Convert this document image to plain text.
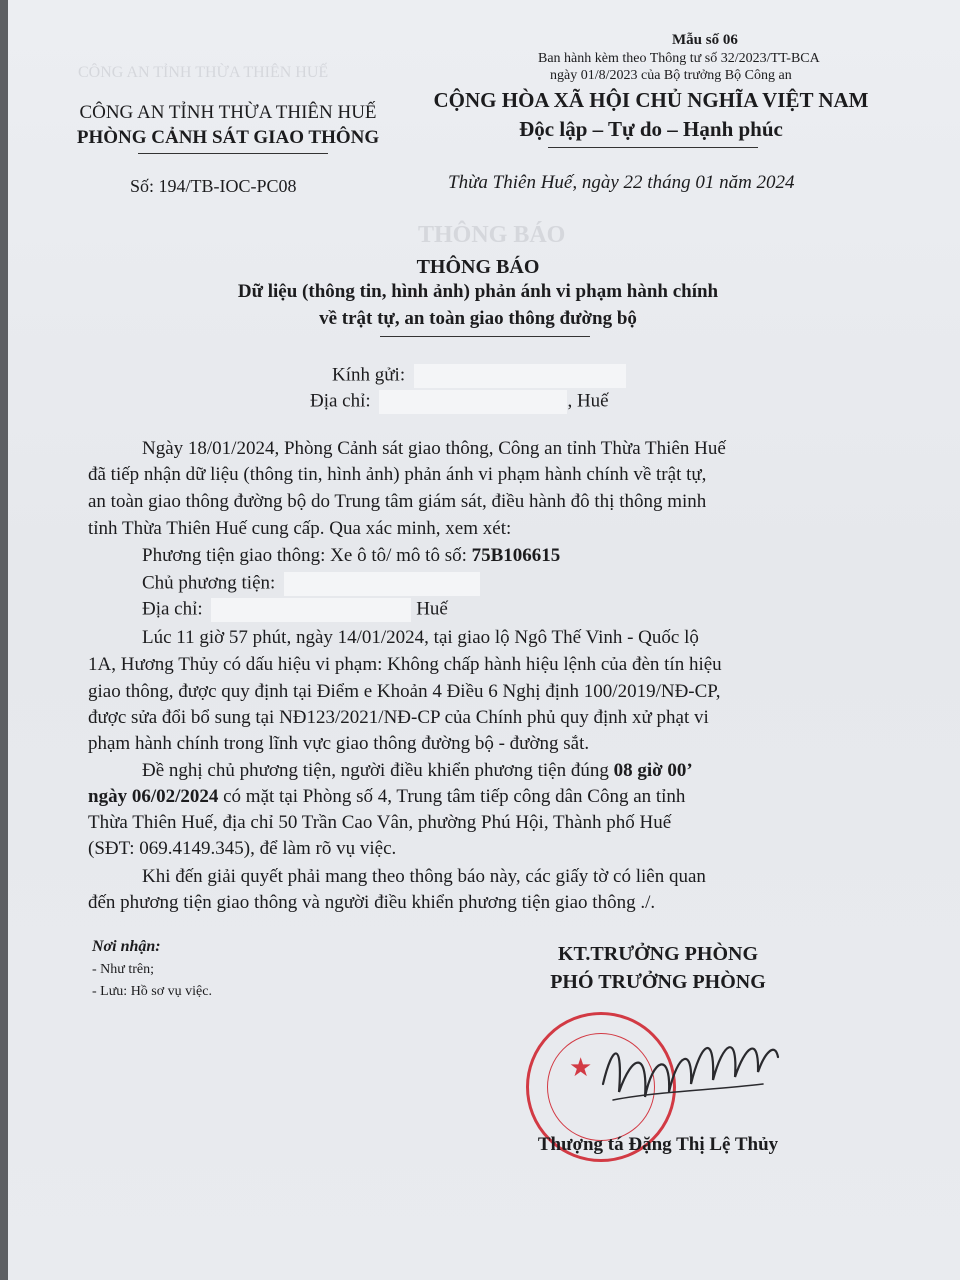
THÔNG BÁO
CÔNG AN TỈNH THỪA THIÊN HUẾ
Mẫu số 06
Ban hành kèm theo Thông tư số 32/2023/TT-BCA
ngày 01/8/2023 của Bộ trưởng Bộ Công an
CÔNG AN TỈNH THỪA THIÊN HUẾ
PHÒNG CẢNH SÁT GIAO THÔNG
Số: 194/TB-IOC-PC08
CỘNG HÒA XÃ HỘI CHỦ NGHĨA VIỆT NAM
Độc lập – Tự do – Hạnh phúc
Thừa Thiên Huế, ngày 22 tháng 01 năm 2024
THÔNG BÁO
Dữ liệu (thông tin, hình ảnh) phản ánh vi phạm hành chính
về trật tự, an toàn giao thông đường bộ
Kính gửi:
Địa chỉ:	, Huế
Ngày 18/01/2024, Phòng Cảnh sát giao thông, Công an tỉnh Thừa Thiên Huế
đã tiếp nhận dữ liệu (thông tin, hình ảnh) phản ánh vi phạm hành chính về trật tự,
an toàn giao thông đường bộ do Trung tâm giám sát, điều hành đô thị thông minh
tỉnh Thừa Thiên Huế cung cấp. Qua xác minh, xem xét:
Phương tiện giao thông: Xe ô tô/ mô tô số: 75B106615
Chủ phương tiện:
Địa chỉ:	Huế
Lúc 11 giờ 57 phút, ngày 14/01/2024, tại giao lộ Ngô Thế Vinh - Quốc lộ
1A, Hương Thủy có dấu hiệu vi phạm: Không chấp hành hiệu lệnh của đèn tín hiệu
giao thông, được quy định tại Điểm e Khoản 4 Điều 6 Nghị định 100/2019/NĐ-CP,
được sửa đổi bổ sung tại NĐ123/2021/NĐ-CP của Chính phủ quy định xử phạt vi
phạm hành chính trong lĩnh vực giao thông đường bộ - đường sắt.
Đề nghị chủ phương tiện, người điều khiển phương tiện đúng 08 giờ 00’
ngày 06/02/2024 có mặt tại Phòng số 4, Trung tâm tiếp công dân Công an tỉnh
Thừa Thiên Huế, địa chỉ 50 Trần Cao Vân, phường Phú Hội, Thành phố Huế
(SĐT: 069.4149.345), để làm rõ vụ việc.
Khi đến giải quyết phải mang theo thông báo này, các giấy tờ có liên quan
đến phương tiện giao thông và người điều khiển phương tiện giao thông ./.
Nơi nhận:
- Như trên;
- Lưu: Hồ sơ vụ việc.
KT.TRƯỞNG PHÒNG
PHÓ TRƯỞNG PHÒNG
★
Thượng tá Đặng Thị Lệ Thủy
